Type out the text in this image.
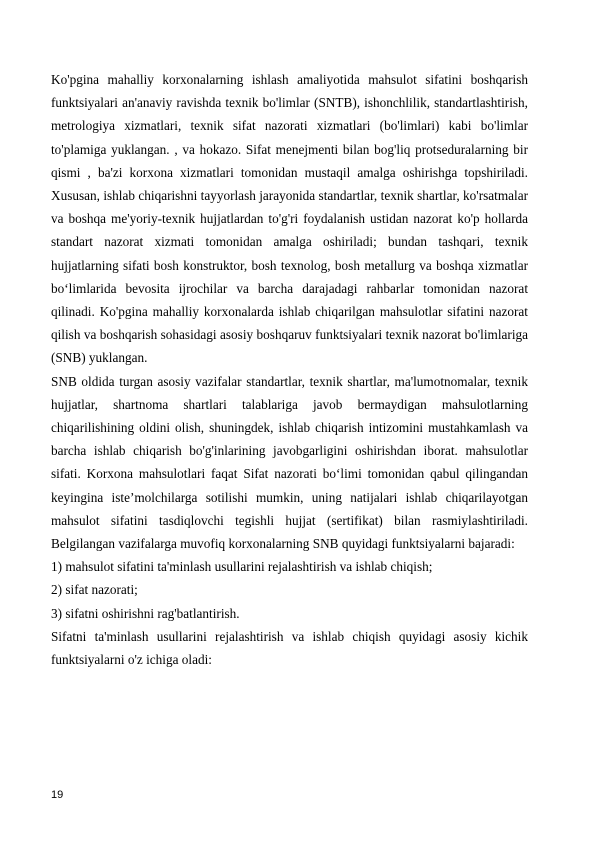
Ko'pgina mahalliy korxonalarning ishlash amaliyotida mahsulot sifatini boshqarish funktsiyalari an'anaviy ravishda texnik bo'limlar (SNTB), ishonchlilik, standartlashtirish, metrologiya xizmatlari, texnik sifat nazorati xizmatlari (bo'limlari) kabi bo'limlar to'plamiga yuklangan. , va hokazo. Sifat menejmenti bilan bog'liq protseduralarning bir qismi , ba'zi korxona xizmatlari tomonidan mustaqil amalga oshirishga topshiriladi. Xususan, ishlab chiqarishni tayyorlash jarayonida standartlar, texnik shartlar, ko'rsatmalar va boshqa me'yoriy-texnik hujjatlardan to'g'ri foydalanish ustidan nazorat ko'p hollarda standart nazorat xizmati tomonidan amalga oshiriladi; bundan tashqari, texnik hujjatlarning sifati bosh konstruktor, bosh texnolog, bosh metallurg va boshqa xizmatlar bo‘limlarida bevosita ijrochilar va barcha darajadagi rahbarlar tomonidan nazorat qilinadi. Ko'pgina mahalliy korxonalarda ishlab chiqarilgan mahsulotlar sifatini nazorat qilish va boshqarish sohasidagi asosiy boshqaruv funktsiyalari texnik nazorat bo'limlariga (SNB) yuklangan.

SNB oldida turgan asosiy vazifalar standartlar, texnik shartlar, ma'lumotnomalar, texnik hujjatlar, shartnoma shartlari talablariga javob bermaydigan mahsulotlarning chiqarilishining oldini olish, shuningdek, ishlab chiqarish intizomini mustahkamlash va barcha ishlab chiqarish bo'g'inlarining javobgarligini oshirishdan iborat. mahsulotlar sifati. Korxona mahsulotlari faqat Sifat nazorati bo‘limi tomonidan qabul qilingandan keyingina iste’molchilarga sotilishi mumkin, uning natijalari ishlab chiqarilayotgan mahsulot sifatini tasdiqlovchi tegishli hujjat (sertifikat) bilan rasmiylashtiriladi. Belgilangan vazifalarga muvofiq korxonalarning SNB quyidagi funktsiyalarni bajaradi:

1) mahsulot sifatini ta'minlash usullarini rejalashtirish va ishlab chiqish;

2) sifat nazorati;

3) sifatni oshirishni rag'batlantirish.

Sifatni ta'minlash usullarini rejalashtirish va ishlab chiqish quyidagi asosiy kichik funktsiyalarni o'z ichiga oladi:

19
